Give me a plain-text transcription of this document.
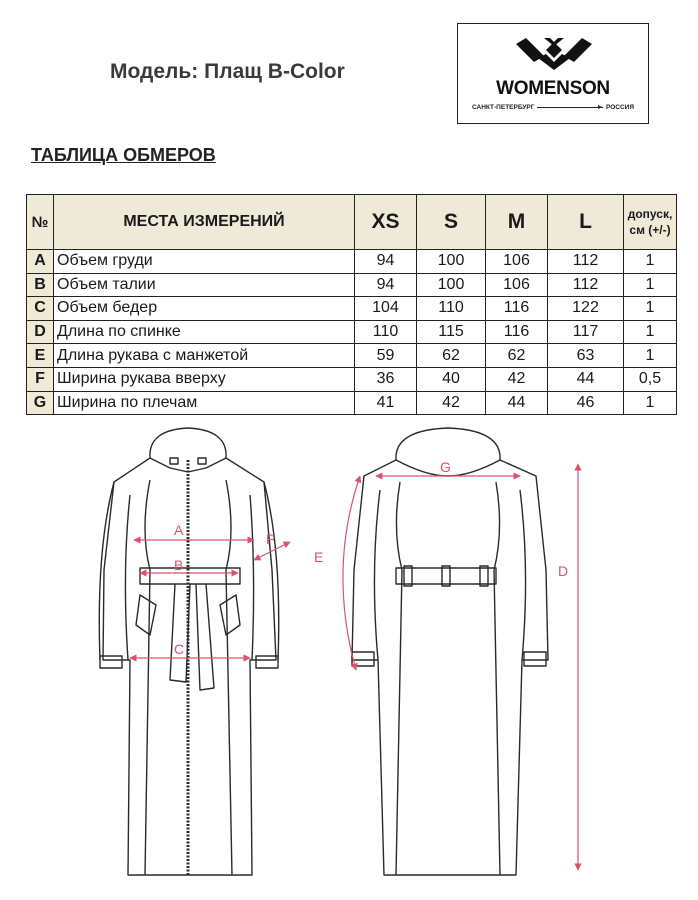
Модель: Плащ B-Color
WOMENSON
САНКТ-ПЕТЕРБУРГ	РОССИЯ
ТАБЛИЦА ОБМЕРОВ
№	МЕСТА ИЗМЕРЕНИЙ	XS	S	M	L	допуск,
см (+/-)
A	Объем груди	94	100	106	112	1
B	Объем талии	94	100	106	112	1
C	Объем бедер	104	110	116	122	1
D	Длина по спинке	110	115	116	117	1
E	Длина рукава с манжетой	59	62	62	63	1
F	Ширина рукава вверху	36	40	42	44	0,5
G	Ширина по плечам	41	42	44	46	1
A
B
C
F
G
E
D
